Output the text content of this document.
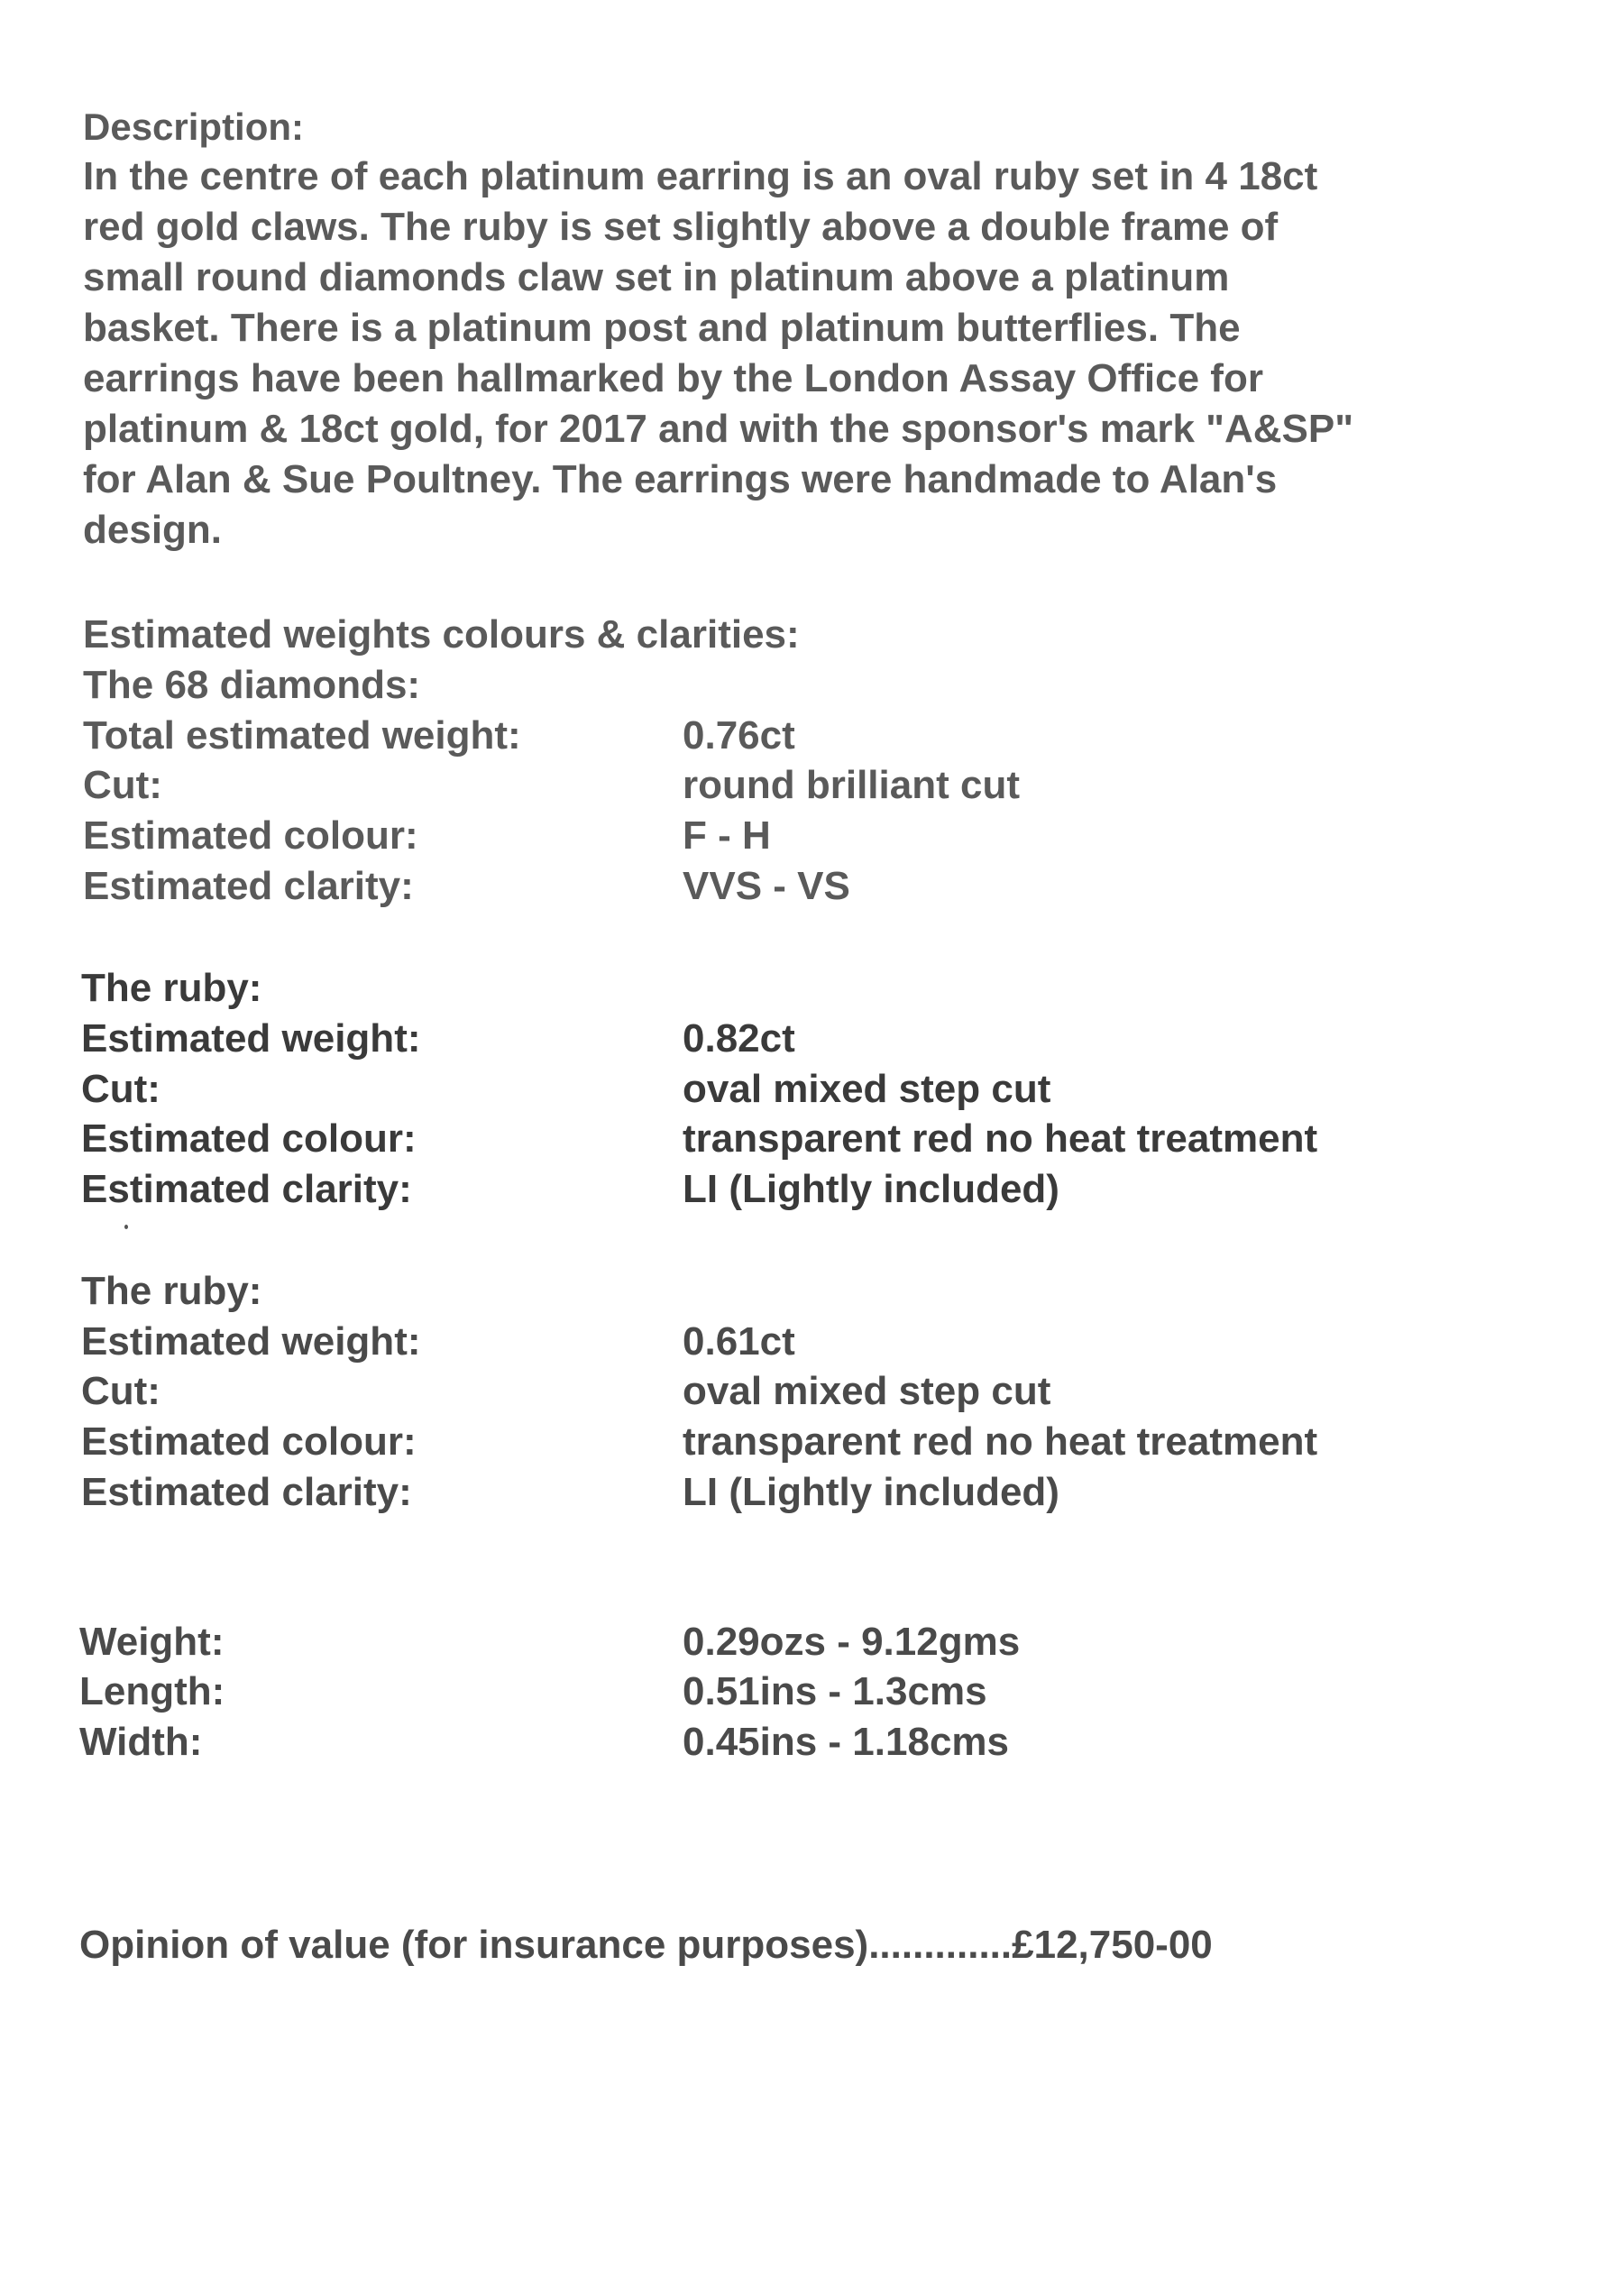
Description:
In the centre of each platinum earring is an oval ruby set in 4 18ct
red gold claws. The ruby is set slightly above a double frame of
small round diamonds claw set in platinum above a platinum
basket. There is a platinum post and platinum butterflies. The
earrings have been hallmarked by the London Assay Office for
platinum & 18ct gold, for 2017 and with the sponsor's mark "A&SP"
for Alan & Sue Poultney. The earrings were handmade to Alan's
design.
Estimated weights colours & clarities:
The 68 diamonds:
Total estimated weight:	0.76ct
Cut:	round brilliant cut
Estimated colour:	F - H
Estimated clarity:	VVS - VS
The ruby:
Estimated weight:	0.82ct
Cut:	oval mixed step cut
Estimated colour:	transparent red no heat treatment
Estimated clarity:	LI (Lightly included)
The ruby:
Estimated weight:	0.61ct
Cut:	oval mixed step cut
Estimated colour:	transparent red no heat treatment
Estimated clarity:	LI (Lightly included)
Weight:	0.29ozs - 9.12gms
Length:	0.51ins - 1.3cms
Width:	0.45ins - 1.18cms
Opinion of value (for insurance purposes).............£12,750-00
